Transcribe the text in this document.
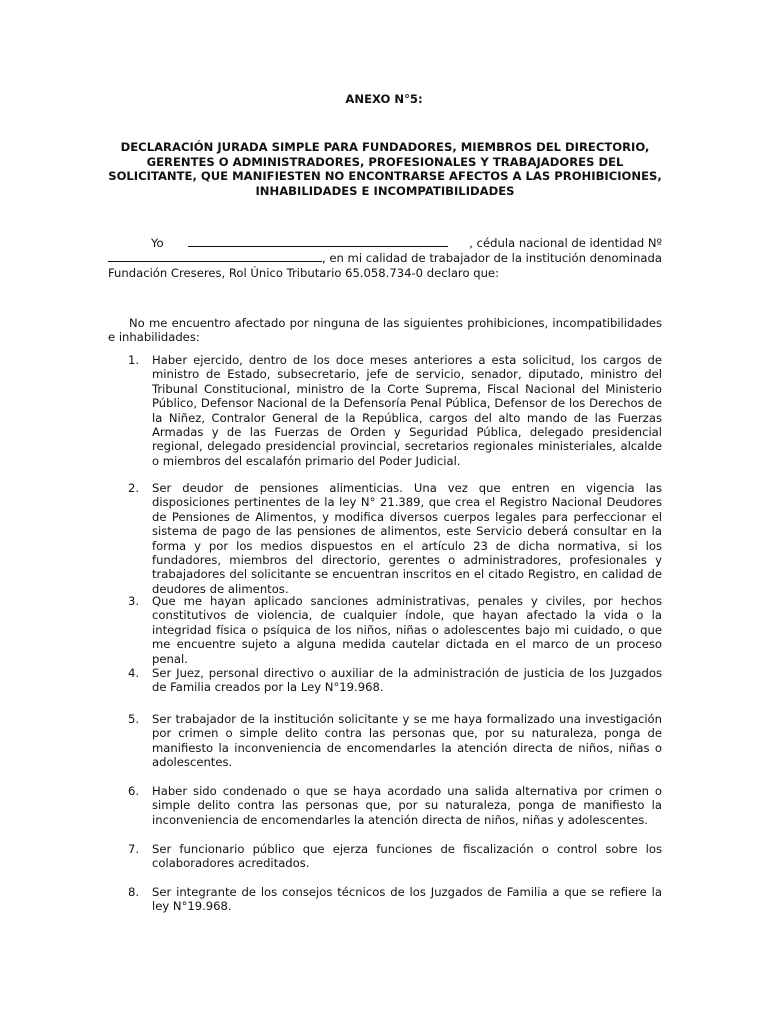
ANEXO N°5:
DECLARACIÓN JURADA SIMPLE PARA FUNDADORES, MIEMBROS DEL DIRECTORIO, GERENTES O ADMINISTRADORES, PROFESIONALES Y TRABAJADORES DEL SOLICITANTE, QUE MANIFIESTEN NO ENCONTRARSE AFECTOS A LAS PROHIBICIONES, INHABILIDADES E INCOMPATIBILIDADES
Yo	, cédula nacional de identidad Nº
, en mi calidad de trabajador de la institución denominada
Fundación Creseres, Rol Único Tributario 65.058.734-0 declaro que:
No me encuentro afectado por ninguna de las siguientes prohibiciones, incompatibilidades e inhabilidades:
1.	Haber ejercido, dentro de los doce meses anteriores a esta solicitud, los cargos de ministro de Estado, subsecretario, jefe de servicio, senador, diputado, ministro del Tribunal Constitucional, ministro de la Corte Suprema, Fiscal Nacional del Ministerio Público, Defensor Nacional de la Defensoría Penal Pública, Defensor de los Derechos de la Niñez, Contralor General de la República, cargos del alto mando de las Fuerzas Armadas y de las Fuerzas de Orden y Seguridad Pública, delegado presidencial regional, delegado presidencial provincial, secretarios regionales ministeriales, alcalde o miembros del escalafón primario del Poder Judicial.
2.	Ser deudor de pensiones alimenticias. Una vez que entren en vigencia las disposiciones pertinentes de la ley N° 21.389, que crea el Registro Nacional Deudores de Pensiones de Alimentos, y modifica diversos cuerpos legales para perfeccionar el sistema de pago de las pensiones de alimentos, este Servicio deberá consultar en la forma y por los medios dispuestos en el artículo 23 de dicha normativa, si los fundadores, miembros del directorio, gerentes o administradores, profesionales y trabajadores del solicitante se encuentran inscritos en el citado Registro, en calidad de deudores de alimentos.
3.	Que me hayan aplicado sanciones administrativas, penales y civiles, por hechos constitutivos de violencia, de cualquier índole, que hayan afectado la vida o la integridad física o psíquica de los niños, niñas o adolescentes bajo mi cuidado, o que me encuentre sujeto a alguna medida cautelar dictada en el marco de un proceso penal.
4.	Ser Juez, personal directivo o auxiliar de la administración de justicia de los Juzgados de Familia creados por la Ley N°19.968.
5.	Ser trabajador de la institución solicitante y se me haya formalizado una investigación por crimen o simple delito contra las personas que, por su naturaleza, ponga de manifiesto la inconveniencia de encomendarles la atención directa de niños, niñas o adolescentes.
6.	Haber sido condenado o que se haya acordado una salida alternativa por crimen o simple delito contra las personas que, por su naturaleza, ponga de manifiesto la inconveniencia de encomendarles la atención directa de niños, niñas y adolescentes.
7.	Ser funcionario público que ejerza funciones de fiscalización o control sobre los colaboradores acreditados.
8.	Ser integrante de los consejos técnicos de los Juzgados de Familia a que se refiere la ley N°19.968.
